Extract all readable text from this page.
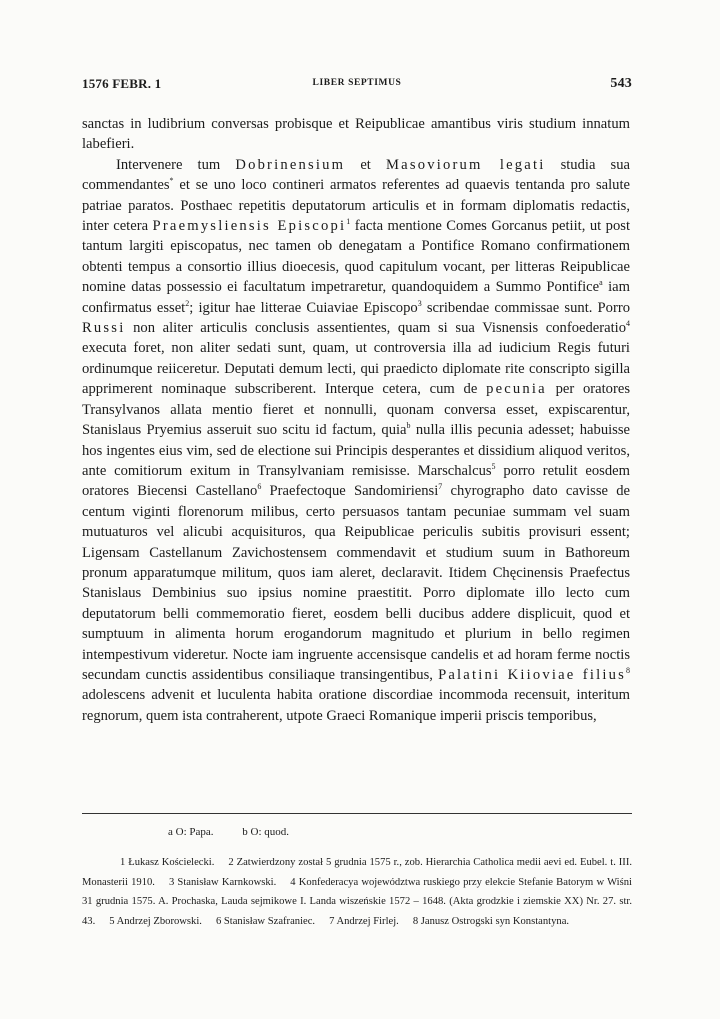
1576 FEBR. 1	LIBER SEPTIMUS	543

sanctas in ludibrium conversas probisque et Reipublicae amantibus viris studium innatum labefieri.

Intervenere tum Dobrinensium et Masoviorum legati studia sua commendantes* et se uno loco contineri armatos referentes ad quaevis tentanda pro salute patriae paratos. Posthaec repetitis deputatorum articulis et in formam diplomatis redactis, inter cetera Praemysliensis Episcopi$^1$ facta mentione Comes Gorcanus petiit, ut post tantum largiti episcopatus, nec tamen ob denegatam a Pontifice Romano confirmationem obtenti tempus a consortio illius dioecesis, quod capitulum vocant, per litteras Reipublicae nomine datas possessio ei facultatum impetraretur, quandoquidem a Summo Pontifice$^a$ iam confirmatus esset$^2$; igitur hae litterae Cuiaviae Episcopo$^3$ scribendae commissae sunt. Porro Russi non aliter articulis conclusis assentientes, quam si sua Visnensis confoederatio$^4$ executa foret, non aliter sedati sunt, quam, ut controversia illa ad iudicium Regis futuri ordinumque reiiceretur. Deputati demum lecti, qui praedicto diplomate rite conscripto sigilla apprimerent nominaque subscriberent. Interque cetera, cum de pecunia per oratores Transylvanos allata mentio fieret et nonnulli, quonam conversa esset, expiscarentur, Stanislaus Pryemius asseruit suo scitu id factum, quia$^b$ nulla illis pecunia adesset; habuisse hos ingentes eius vim, sed de electione sui Principis desperantes et dissidium aliquod veritos, ante comitiorum exitum in Transylvaniam remisisse. Marschalcus$^5$ porro retulit eosdem oratores Biecensi Castellano$^6$ Praefectoque Sandomiriensi$^7$ chyrographo dato cavisse de centum viginti florenorum milibus, certo persuasos tantam pecuniae summam vel suam mutuaturos vel alicubi acquisituros, qua Reipublicae periculis subitis provisuri essent; Ligensam Castellanum Zavichostensem commendavit et studium suum in Bathoreum pronum apparatumque militum, quos iam aleret, declaravit. Itidem Chęcinensis Praefectus Stanislaus Dembinius suo ipsius nomine praestitit. Porro diplomate illo lecto cum deputatorum belli commemoratio fieret, eosdem belli ducibus addere displicuit, quod et sumptuum in alimenta horum erogandorum magnitudo et plurium in bello regimen intempestivum videretur. Nocte iam ingruente accensisque candelis et ad horam ferme noctis secundam cunctis assidentibus consiliaque transingentibus, Palatini Kiioviae filius$^8$ adolescens advenit et luculenta habita oratione discordiae incommoda recensuit, interitum regnorum, quem ista contraherent, utpote Graeci Romanique imperii priscis temporibus,

a O: Papa.	b O: quod.
1 Łukasz Kościelecki. 2 Zatwierdzony został 5 grudnia 1575 r., zob. Hierarchia Catholica medii aevi ed. Eubel. t. III. Monasterii 1910. 3 Stanisław Karnkowski. 4 Konfederacya województwa ruskiego przy elekcie Stefanie Batorym w Wiśni 31 grudnia 1575. A. Prochaska, Lauda sejmikowe I. Landa wiszeńskie 1572 – 1648. (Akta grodzkie i ziemskie XX) Nr. 27. str. 43. 5 Andrzej Zborowski. 6 Stanisław Szafraniec. 7 Andrzej Firlej. 8 Janusz Ostrogski syn Konstantyna.
